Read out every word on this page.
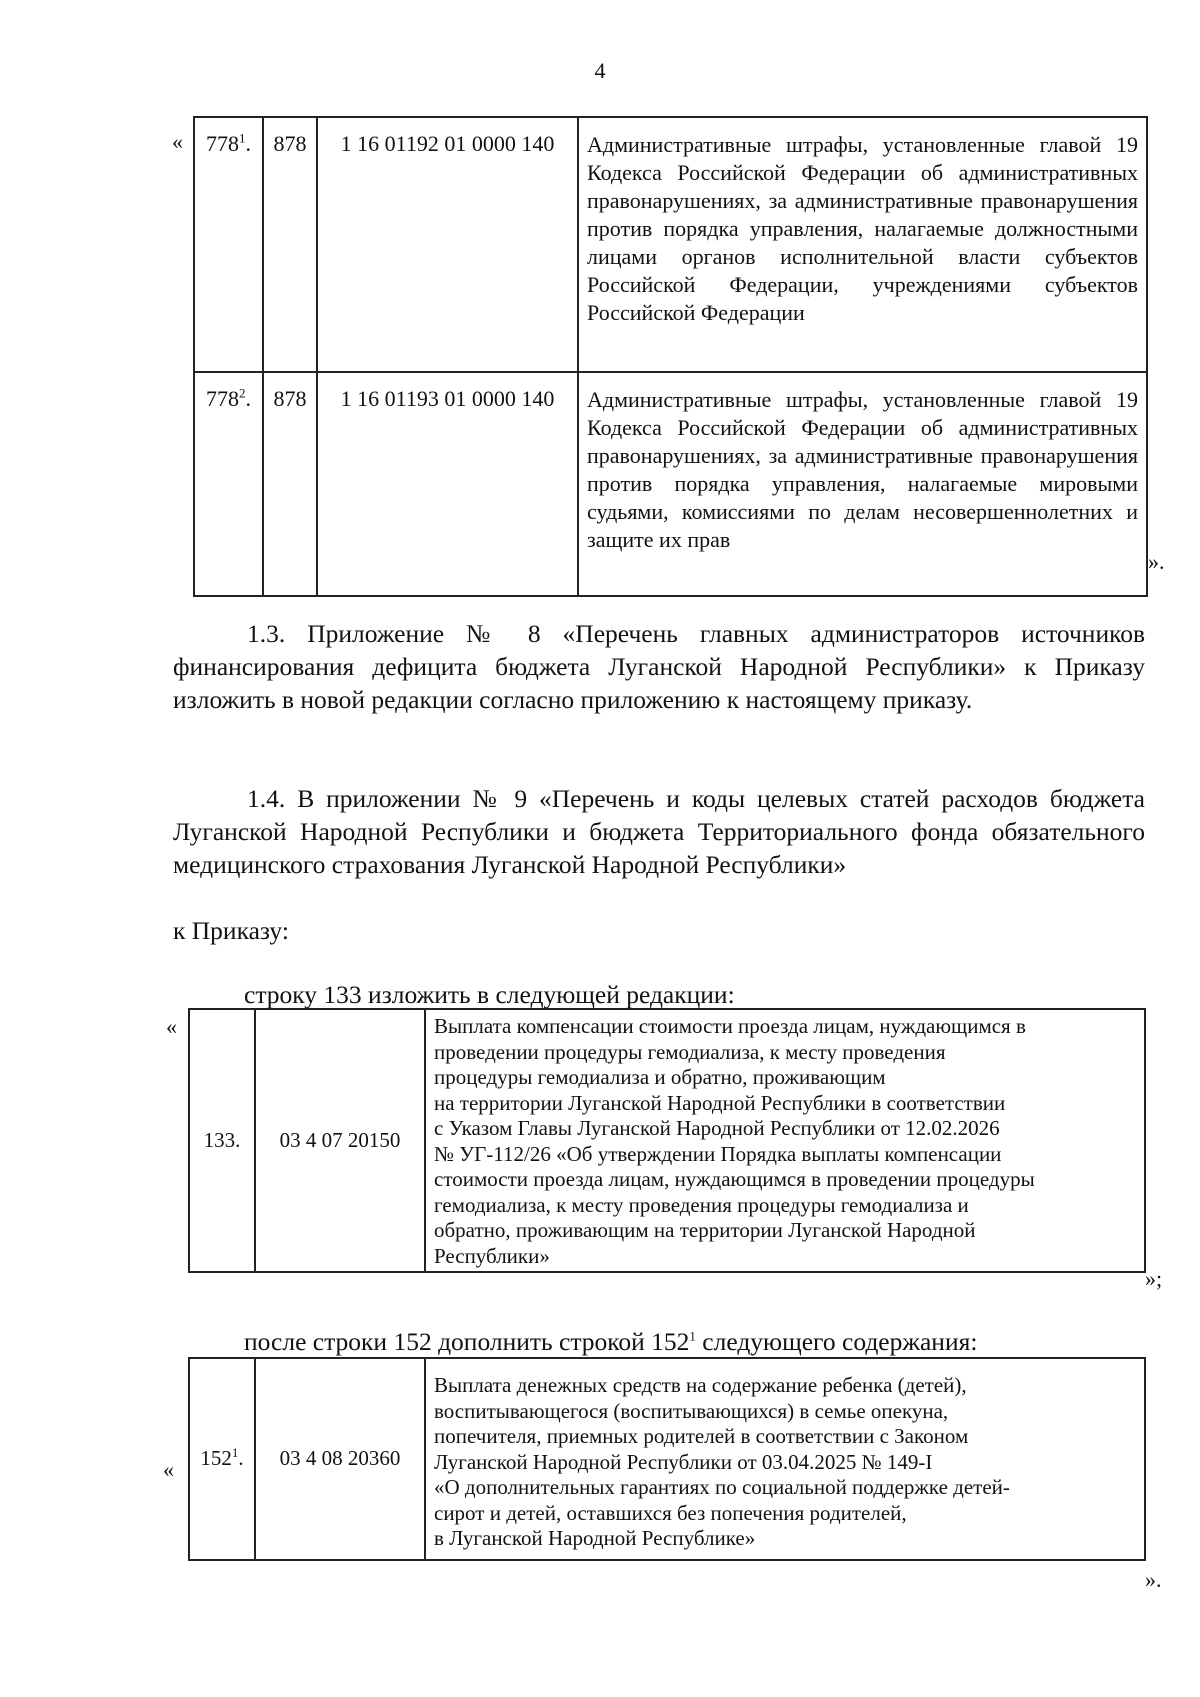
4
« $778^1$.	878	1 16 01192 01 0000 140	Административные штрафы, установленные главой 19 Кодекса Российской Федерации об административных правонарушениях, за административные правонарушения против порядка управления, налагаемые должностными лицами органов исполнительной власти субъектов Российской Федерации, учреждениями субъектов Российской Федерации
$778^2$.	878	1 16 01193 01 0000 140	Административные штрафы, установленные главой 19 Кодекса Российской Федерации об административных правонарушениях, за административные правонарушения против порядка управления, налагаемые мировыми судьями, комиссиями по делам несовершеннолетних и защите их прав
».

1.3. Приложение № 8 «Перечень главных администраторов источников финансирования дефицита бюджета Луганской Народной Республики» к Приказу изложить в новой редакции согласно приложению к настоящему приказу.

1.4. В приложении № 9 «Перечень и коды целевых статей расходов бюджета Луганской Народной Республики и бюджета Территориального фонда обязательного медицинского страхования Луганской Народной Республики»

к Приказу:

строку 133 изложить в следующей редакции:

«
133.	03 4 07 20150	
Выплата компенсации стоимости проезда лицам, нуждающимся в
проведении процедуры гемодиализа, к месту проведения
процедуры гемодиализа и обратно, проживающим
на территории Луганской Народной Республики в соответствии
с Указом Главы Луганской Народной Республики от 12.02.2026
№ УГ-112/26 «Об утверждении Порядка выплаты компенсации
стоимости проезда лицам, нуждающимся в проведении процедуры
гемодиализа, к месту проведения процедуры гемодиализа и
обратно, проживающим на территории Луганской Народной
Республики»
»;

после строки 152 дополнить строкой $152^1$ следующего содержания:

« $152^1$.	03 4 08 20360	
Выплата денежных средств на содержание ребенка (детей),
воспитывающегося (воспитывающихся) в семье опекуна,
попечителя, приемных родителей в соответствии с Законом
Луганской Народной Республики от 03.04.2025 № 149-I
«О дополнительных гарантиях по социальной поддержке детей-
сирот и детей, оставшихся без попечения родителей,
в Луганской Народной Республике»
».
